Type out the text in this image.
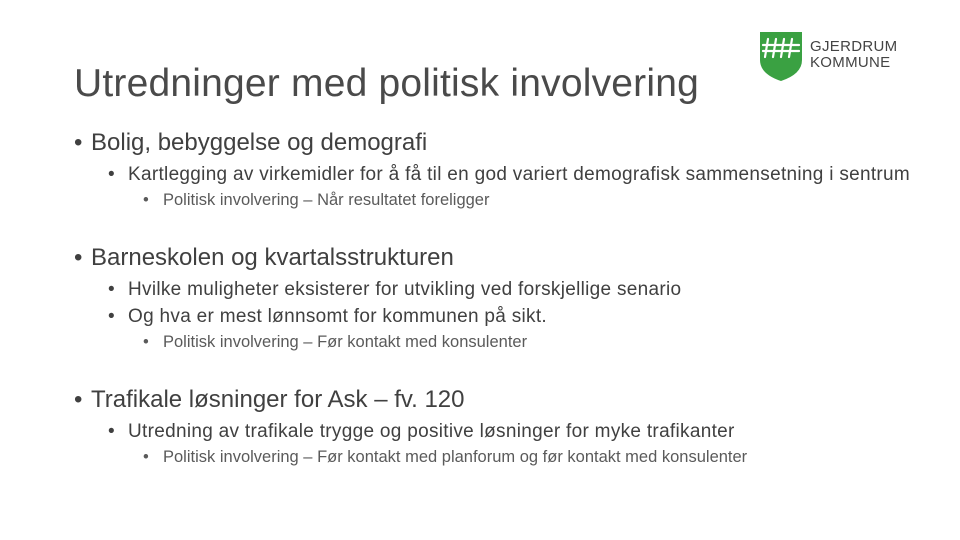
Utredninger med politisk involvering
GJERDRUM
KOMMUNE
• Bolig, bebyggelse og demografi
• Kartlegging av virkemidler for å få til en god variert demografisk sammensetning i sentrum
• Politisk involvering – Når resultatet foreligger
• Barneskolen og kvartalsstrukturen
• Hvilke muligheter eksisterer for utvikling ved forskjellige senario
• Og hva er mest lønnsomt for kommunen på sikt.
• Politisk involvering – Før kontakt med konsulenter
• Trafikale løsninger for Ask – fv. 120
• Utredning av trafikale trygge og positive løsninger for myke trafikanter
• Politisk involvering – Før kontakt med planforum og før kontakt med konsulenter
